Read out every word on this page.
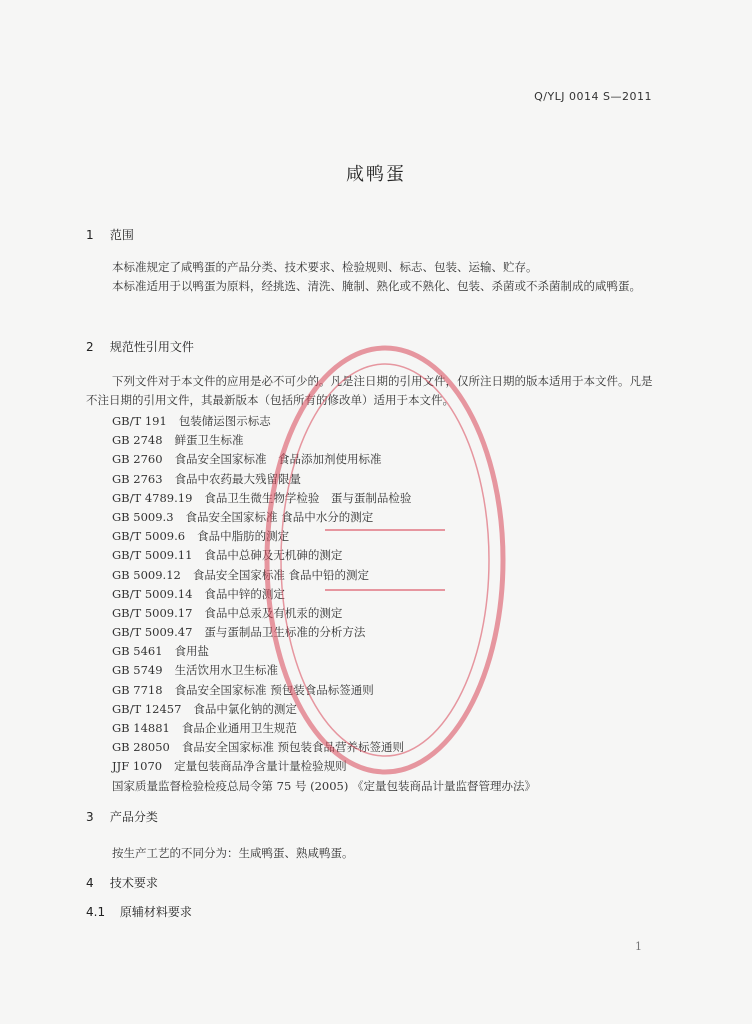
Q/YLJ 0014 S—2011
咸鸭蛋
1 范围
本标准规定了咸鸭蛋的产品分类、技术要求、检验规则、标志、包装、运输、贮存。
本标准适用于以鸭蛋为原料，经挑选、清洗、腌制、熟化或不熟化、包装、杀菌或不杀菌制成的咸鸭蛋。
2 规范性引用文件
下列文件对于本文件的应用是必不可少的。凡是注日期的引用文件，仅所注日期的版本适用于本文件。凡是不注日期的引用文件，其最新版本（包括所有的修改单）适用于本文件。
GB/T 191 包装储运图示标志
GB 2748 鲜蛋卫生标准
GB 2760 食品安全国家标准　食品添加剂使用标准
GB 2763 食品中农药最大残留限量
GB/T 4789.19 食品卫生微生物学检验　蛋与蛋制品检验
GB 5009.3 食品安全国家标准 食品中水分的测定
GB/T 5009.6 食品中脂肪的测定
GB/T 5009.11 食品中总砷及无机砷的测定
GB 5009.12 食品安全国家标准 食品中铅的测定
GB/T 5009.14 食品中锌的测定
GB/T 5009.17 食品中总汞及有机汞的测定
GB/T 5009.47 蛋与蛋制品卫生标准的分析方法
GB 5461 食用盐
GB 5749 生活饮用水卫生标准
GB 7718 食品安全国家标准 预包装食品标签通则
GB/T 12457 食品中氯化钠的测定
GB 14881 食品企业通用卫生规范
GB 28050 食品安全国家标准 预包装食品营养标签通则
JJF 1070 定量包装商品净含量计量检验规则
国家质量监督检验检疫总局令第 75 号 (2005) 《定量包装商品计量监督管理办法》
3 产品分类
按生产工艺的不同分为：生咸鸭蛋、熟咸鸭蛋。
4 技术要求
4.1 原辅材料要求
1
